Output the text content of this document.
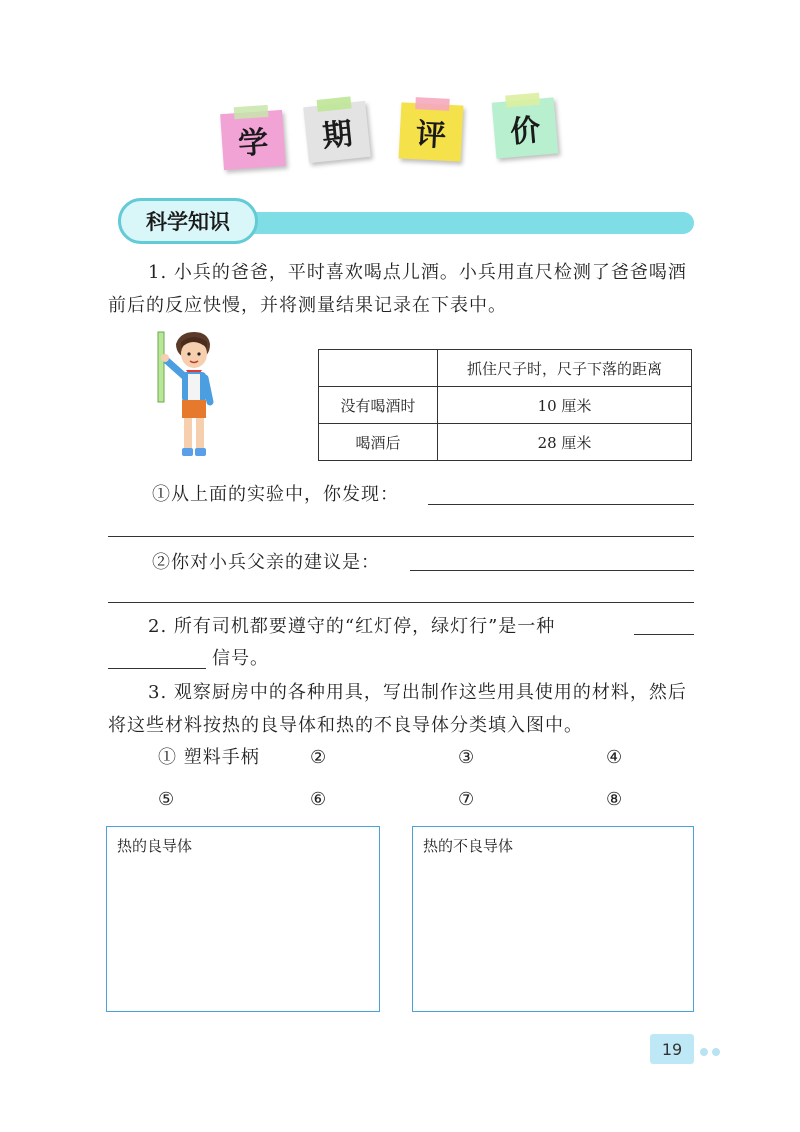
学 期 评 价
科学知识
1. 小兵的爸爸，平时喜欢喝点儿酒。小兵用直尺检测了爸爸喝酒前后的反应快慢，并将测量结果记录在下表中。
	抓住尺子时，尺子下落的距离
没有喝酒时	10 厘米
喝酒后	28 厘米
①从上面的实验中，你发现：
②你对小兵父亲的建议是：
2. 所有司机都要遵守的“红灯停，绿灯行”是一种
信号。
3. 观察厨房中的各种用具，写出制作这些用具使用的材料，然后将这些材料按热的良导体和热的不良导体分类填入图中。
① 塑料手柄	②	③	④
⑤	⑥	⑦	⑧
热的良导体	热的不良导体
19
